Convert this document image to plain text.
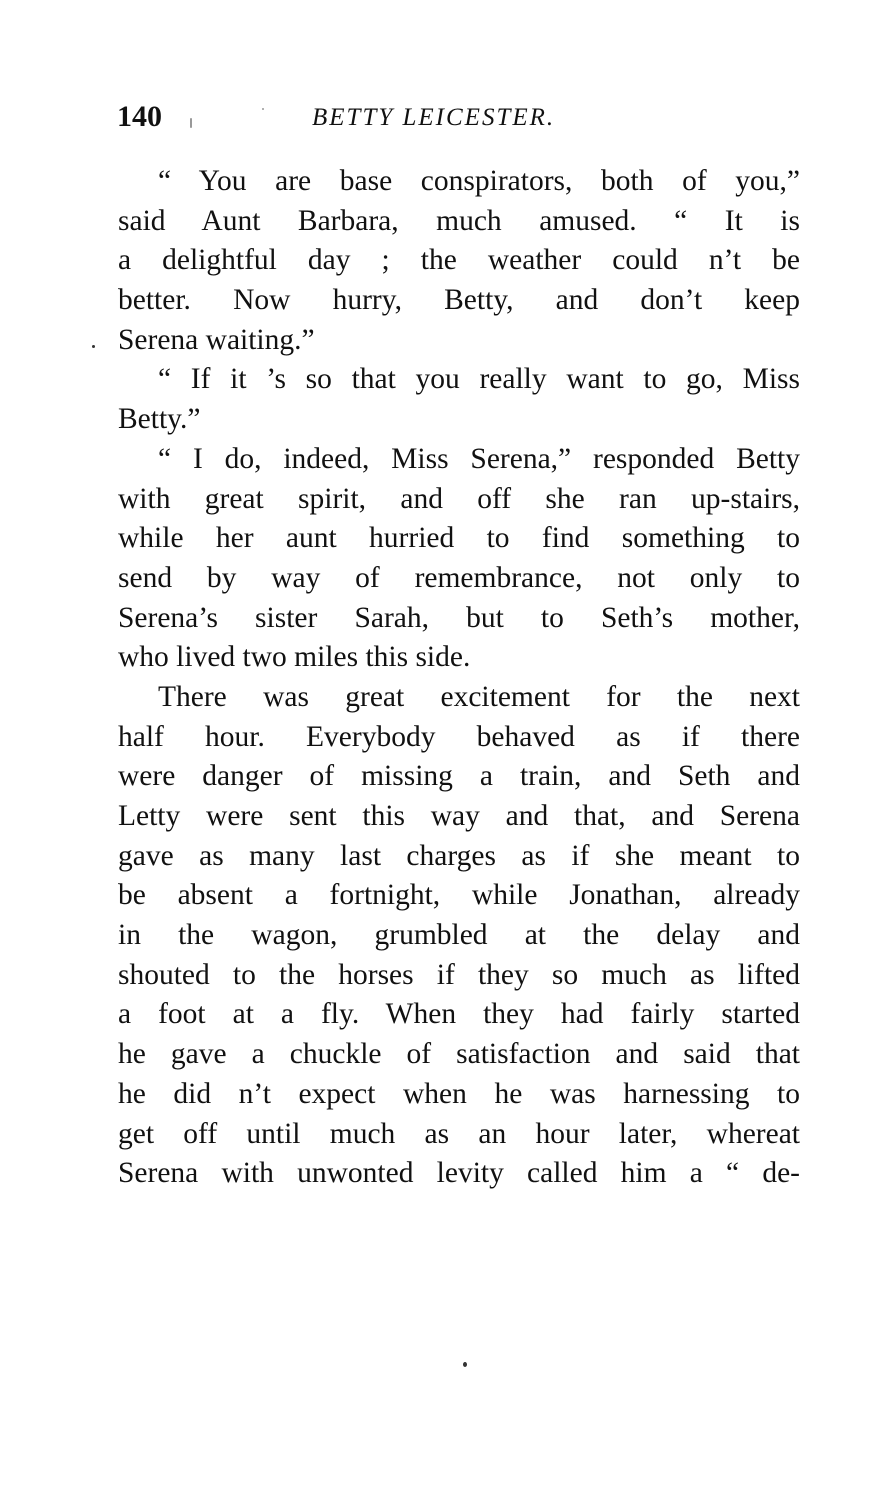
140	BETTY LEICESTER.
“ You are base conspirators, both of you,”
said Aunt Barbara, much amused. “ It is
a delightful day ; the weather could n’t be
better. Now hurry, Betty, and don’t keep
Serena waiting.”
“ If it ’s so that you really want to go, Miss
Betty.”
“ I do, indeed, Miss Serena,” responded Betty
with great spirit, and off she ran up-stairs,
while her aunt hurried to find something to
send by way of remembrance, not only to
Serena’s sister Sarah, but to Seth’s mother,
who lived two miles this side.
There was great excitement for the next
half hour. Everybody behaved as if there
were danger of missing a train, and Seth and
Letty were sent this way and that, and Serena
gave as many last charges as if she meant to
be absent a fortnight, while Jonathan, already
in the wagon, grumbled at the delay and
shouted to the horses if they so much as lifted
a foot at a fly. When they had fairly started
he gave a chuckle of satisfaction and said that
he did n’t expect when he was harnessing to
get off until much as an hour later, whereat
Serena with unwonted levity called him a “ de-
